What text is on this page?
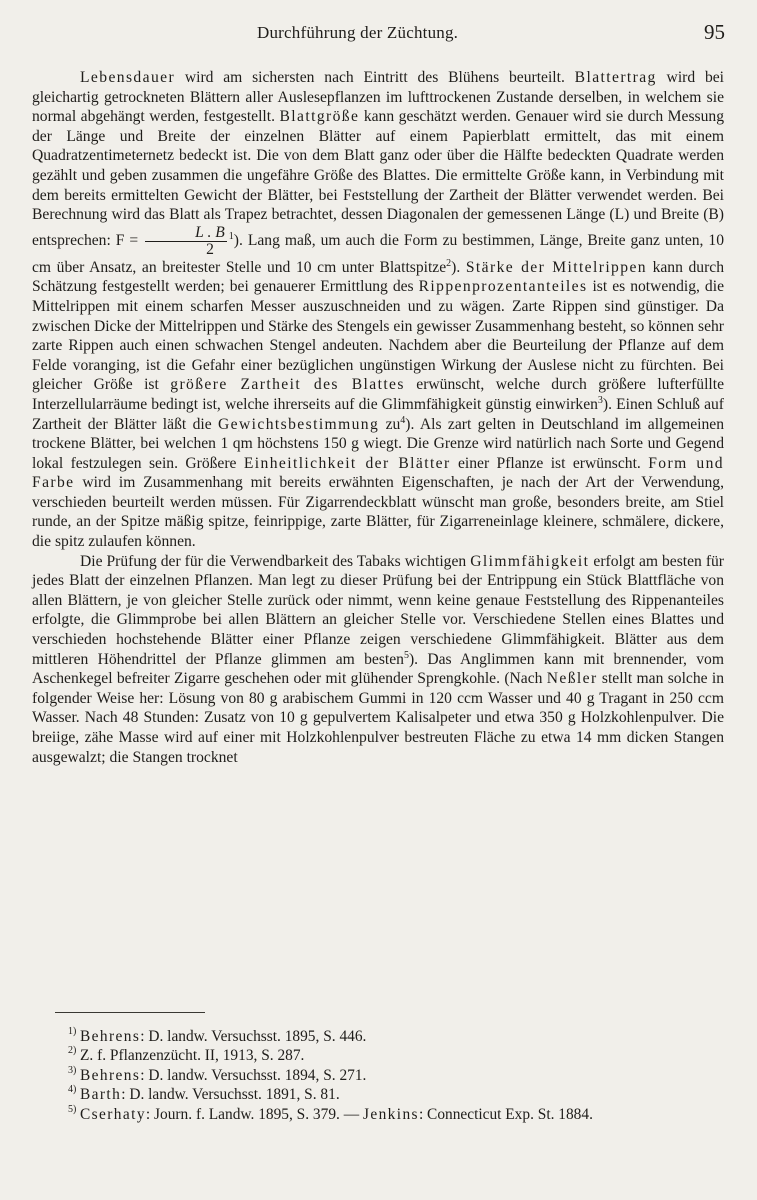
Durchführung der Züchtung.	95

Lebensdauer wird am sichersten nach Eintritt des Blühens beurteilt. Blattertrag wird bei gleichartig getrockneten Blättern aller Auslesepflanzen im lufttrockenen Zustande derselben, in welchem sie normal abgehängt werden, festgestellt. Blattgröße kann geschätzt werden. Genauer wird sie durch Messung der Länge und Breite der einzelnen Blätter auf einem Papierblatt ermittelt, das mit einem Quadratzentimeternetz bedeckt ist. Die von dem Blatt ganz oder über die Hälfte bedeckten Quadrate werden gezählt und geben zusammen die ungefähre Größe des Blattes. Die ermittelte Größe kann, in Verbindung mit dem bereits ermittelten Gewicht der Blätter, bei Feststellung der Zartheit der Blätter verwendet werden. Bei Berechnung wird das Blatt als Trapez betrachtet, dessen Diagonalen der gemessenen Länge (L) und Breite (B) entsprechen: $F = \frac{L . B}{2} ^1$). Lang maß, um auch die Form zu bestimmen, Länge, Breite ganz unten, 10 cm über Ansatz, an breitester Stelle und 10 cm unter Blattspitze$^2$). Stärke der Mittelrippen kann durch Schätzung festgestellt werden; bei genauerer Ermittlung des Rippenprozentanteiles ist es notwendig, die Mittelrippen mit einem scharfen Messer auszuschneiden und zu wägen. Zarte Rippen sind günstiger. Da zwischen Dicke der Mittelrippen und Stärke des Stengels ein gewisser Zusammenhang besteht, so können sehr zarte Rippen auch einen schwachen Stengel andeuten. Nachdem aber die Beurteilung der Pflanze auf dem Felde voranging, ist die Gefahr einer bezüglichen ungünstigen Wirkung der Auslese nicht zu fürchten. Bei gleicher Größe ist größere Zartheit des Blattes erwünscht, welche durch größere lufterfüllte Interzellularräume bedingt ist, welche ihrerseits auf die Glimmfähigkeit günstig einwirken$^3$). Einen Schluß auf Zartheit der Blätter läßt die Gewichtsbestimmung $zu^4$). Als zart gelten in Deutschland im allgemeinen trockene Blätter, bei welchen 1 qm höchstens 150 g wiegt. Die Grenze wird natürlich nach Sorte und Gegend lokal festzulegen sein. Größere Einheitlichkeit der Blätter einer Pflanze ist erwünscht. Form und Farbe wird im Zusammenhang mit bereits erwähnten Eigenschaften, je nach der Art der Verwendung, verschieden beurteilt werden müssen. Für Zigarrendeckblatt wünscht man große, besonders breite, am Stiel runde, an der Spitze mäßig spitze, feinrippige, zarte Blätter, für Zigarreneinlage kleinere, schmälere, dickere, die spitz zulaufen können.

Die Prüfung der für die Verwendbarkeit des Tabaks wichtigen Glimmfähigkeit erfolgt am besten für jedes Blatt der einzelnen Pflanzen. Man legt zu dieser Prüfung bei der Entrippung ein Stück Blattfläche von allen Blättern, je von gleicher Stelle zurück oder nimmt, wenn keine genaue Feststellung des Rippenanteiles erfolgte, die Glimmprobe bei allen Blättern an gleicher Stelle vor. Verschiedene Stellen eines Blattes und verschieden hochstehende Blätter einer Pflanze zeigen verschiedene Glimmfähigkeit. Blätter aus dem mittleren Höhendrittel der Pflanze glimmen am besten$^5$). Das Anglimmen kann mit brennender, vom Aschenkegel befreiter Zigarre geschehen oder mit glühender Sprengkohle. (Nach Neßler stellt man solche in folgender Weise her: Lösung von 80 g arabischem Gummi in 120 ccm Wasser und 40 g Tragant in 250 ccm Wasser. Nach 48 Stunden: Zusatz von 10 g gepulvertem Kalisalpeter und etwa 350 g Holzkohlenpulver. Die breiige, zähe Masse wird auf einer mit Holzkohlenpulver bestreuten Fläche zu etwa 14 mm dicken Stangen ausgewalzt; die Stangen trocknet

1) Behrens: D. landw. Versuchsst. 1895, S. 446.
2) Z. f. Pflanzenzücht. II, 1913, S. 287.
3) Behrens: D. landw. Versuchsst. 1894, S. 271.
4) Barth: D. landw. Versuchsst. 1891, S. 81.
5) Cserhaty: Journ. f. Landw. 1895, S. 379. — Jenkins: Connecticut Exp. St. 1884.
